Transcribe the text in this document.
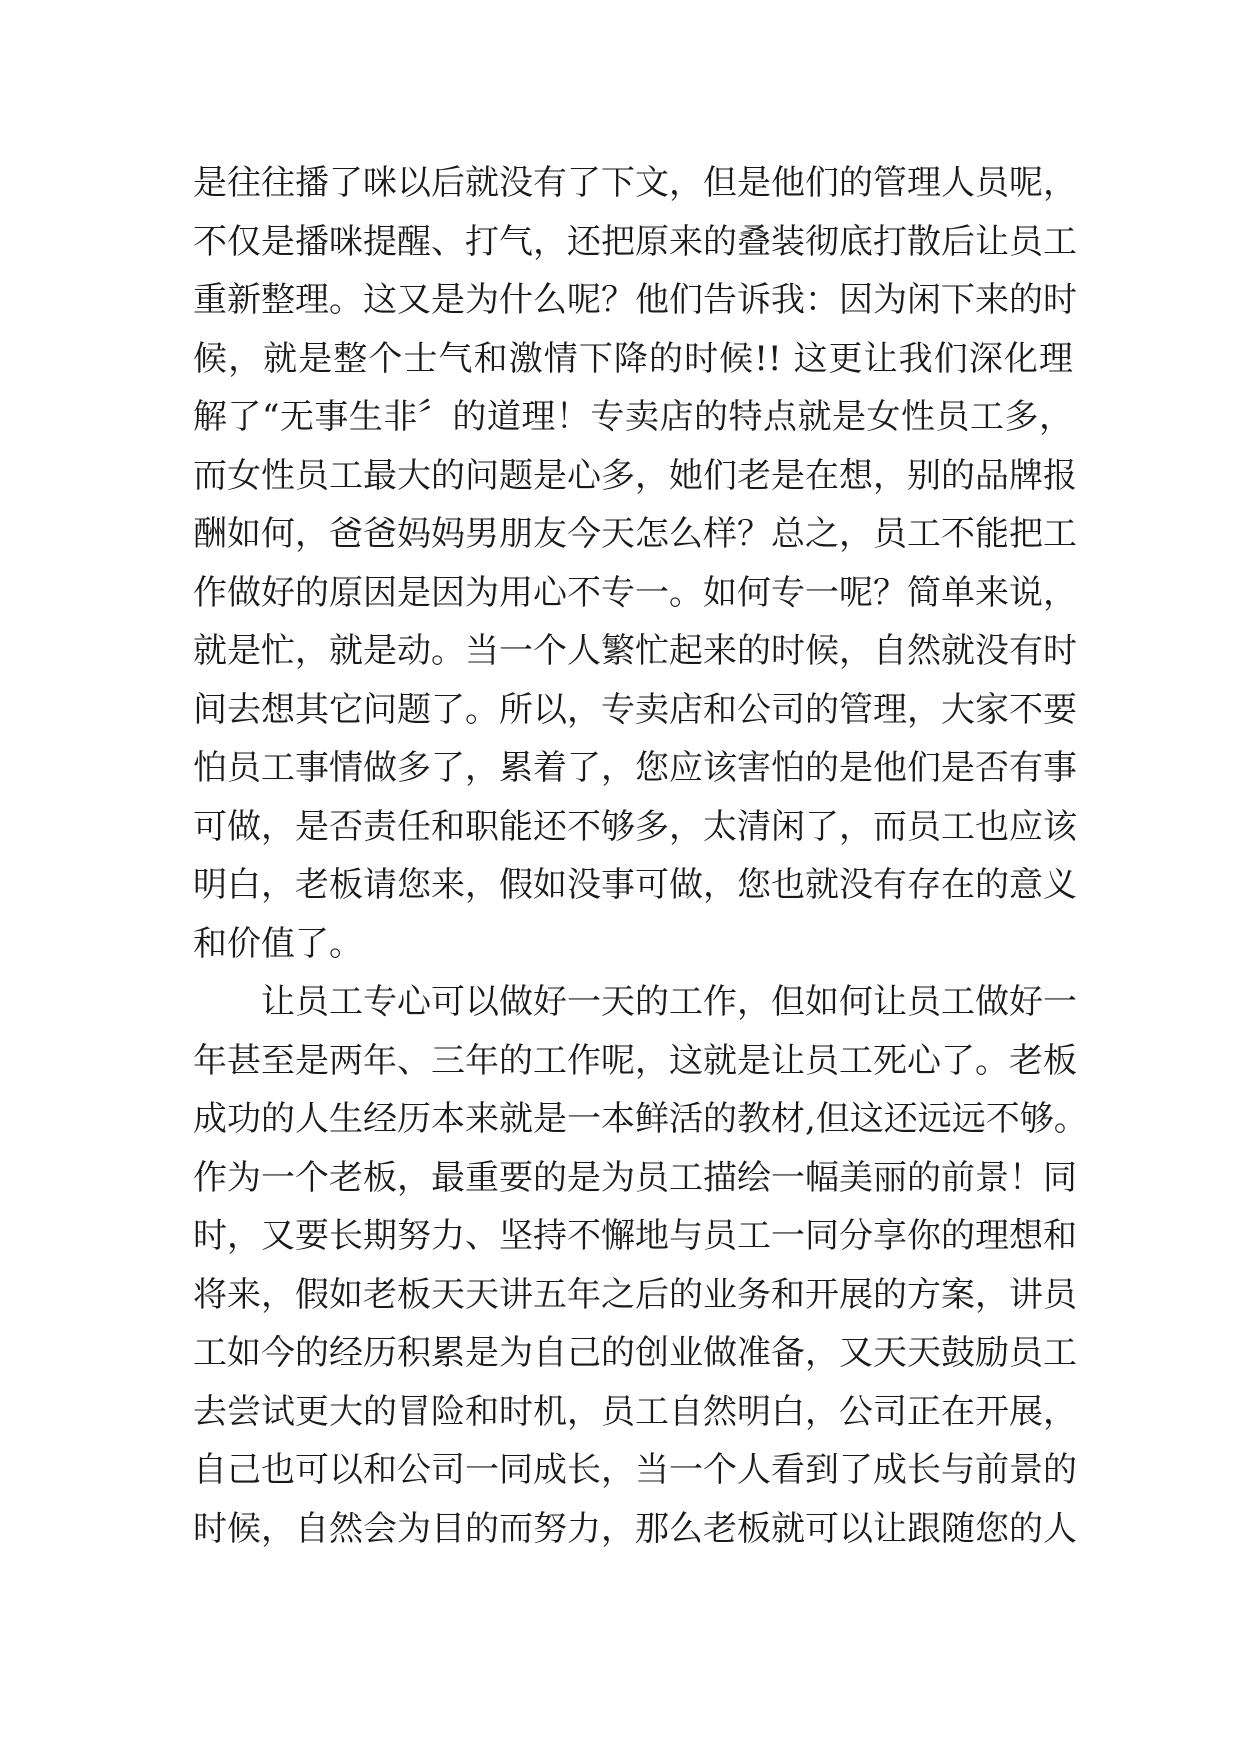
是往往播了咪以后就没有了下文，但是他们的管理人员呢，
不仅是播咪提醒、打气，还把原来的叠装彻底打散后让员工
重新整理。这又是为什么呢？他们告诉我：因为闲下来的时
候，就是整个士气和激情下降的时候!! 这更让我们深化理
解了“无事生非〞的道理！专卖店的特点就是女性员工多，
而女性员工最大的问题是心多，她们老是在想，别的品牌报
酬如何，爸爸妈妈男朋友今天怎么样？总之，员工不能把工
作做好的原因是因为用心不专一。如何专一呢？简单来说，
就是忙，就是动。当一个人繁忙起来的时候，自然就没有时
间去想其它问题了。所以，专卖店和公司的管理，大家不要
怕员工事情做多了，累着了，您应该害怕的是他们是否有事
可做，是否责任和职能还不够多，太清闲了，而员工也应该
明白，老板请您来，假如没事可做，您也就没有存在的意义
和价值了。
让员工专心可以做好一天的工作，但如何让员工做好一
年甚至是两年、三年的工作呢，这就是让员工死心了。老板
成功的人生经历本来就是一本鲜活的教材,但这还远远不够。
作为一个老板，最重要的是为员工描绘一幅美丽的前景！同
时，又要长期努力、坚持不懈地与员工一同分享你的理想和
将来，假如老板天天讲五年之后的业务和开展的方案，讲员
工如今的经历积累是为自己的创业做准备，又天天鼓励员工
去尝试更大的冒险和时机，员工自然明白，公司正在开展，
自己也可以和公司一同成长，当一个人看到了成长与前景的
时候，自然会为目的而努力，那么老板就可以让跟随您的人
